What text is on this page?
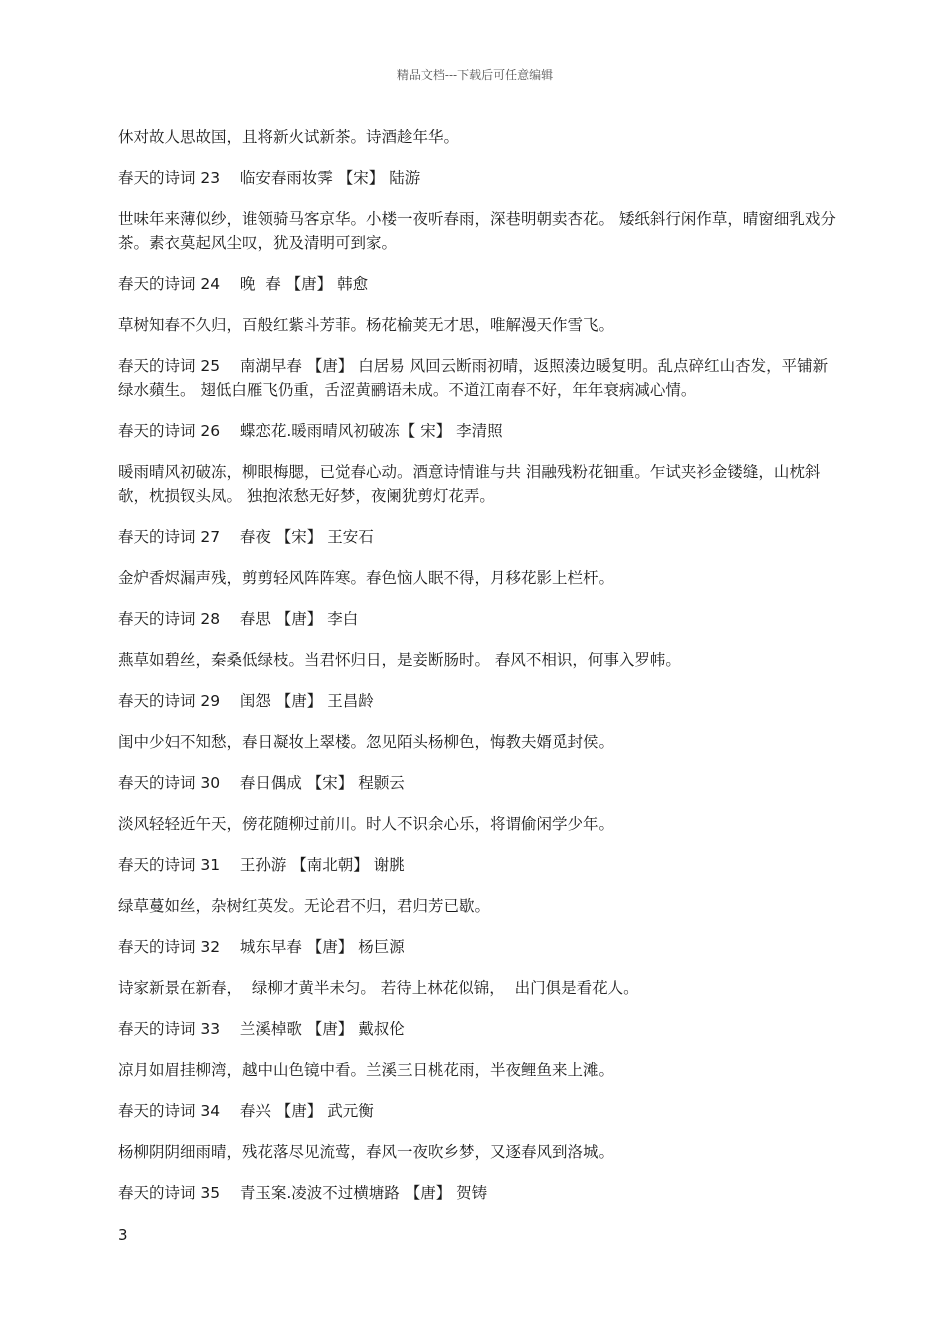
精品文档---下载后可任意编辑

休对故人思故国，且将新火试新茶。诗酒趁年华。

春天的诗词 23    临安春雨妆霁 【宋】 陆游

世味年来薄似纱，谁领骑马客京华。小楼一夜听春雨，深巷明朝卖杏花。 矮纸斜行闲作草，晴窗细乳戏分茶。素衣莫起风尘叹，犹及清明可到家。

春天的诗词 24    晚  春 【唐】 韩愈

草树知春不久归，百般红紫斗芳菲。杨花榆荚无才思，唯解漫天作雪飞。

春天的诗词 25    南湖早春 【唐】 白居易 风回云断雨初晴，返照湊边暖复明。乱点碎红山杏发，平铺新绿水蘋生。 翅低白雁飞仍重，舌涩黄鹂语未成。不道江南春不好，年年衰病减心情。

春天的诗词 26    蝶恋花.暖雨晴风初破冻【 宋】 李清照

暖雨晴风初破冻，柳眼梅腮，已觉春心动。酒意诗情谁与共 泪融残粉花钿重。乍试夹衫金镂缝，山枕斜欹，枕损钗头凤。 独抱浓愁无好梦，夜阑犹剪灯花弄。

春天的诗词 27    春夜 【宋】 王安石

金炉香烬漏声残，剪剪轻风阵阵寒。春色恼人眠不得，月移花影上栏杆。

春天的诗词 28    春思 【唐】 李白

燕草如碧丝，秦桑低绿枝。当君怀归日，是妾断肠时。 春风不相识，何事入罗帏。

春天的诗词 29    闺怨 【唐】 王昌龄

闺中少妇不知愁，春日凝妆上翠楼。忽见陌头杨柳色，悔教夫婿觅封侯。

春天的诗词 30    春日偶成 【宋】 程颢云

淡风轻轻近午天，傍花随柳过前川。时人不识余心乐，将谓偷闲学少年。

春天的诗词 31    王孙游 【南北朝】 谢朓

绿草蔓如丝，杂树红英发。无论君不归，君归芳已歇。

春天的诗词 32    城东早春 【唐】 杨巨源

诗家新景在新春，  绿柳才黄半未匀。 若待上林花似锦，  出门俱是看花人。

春天的诗词 33    兰溪棹歌 【唐】 戴叔伦

凉月如眉挂柳湾，越中山色镜中看。兰溪三日桃花雨，半夜鲤鱼来上滩。

春天的诗词 34    春兴 【唐】 武元衡

杨柳阴阴细雨晴，残花落尽见流莺，春风一夜吹乡梦，又逐春风到洛城。

春天的诗词 35    青玉案.凌波不过横塘路 【唐】 贺铸

3
